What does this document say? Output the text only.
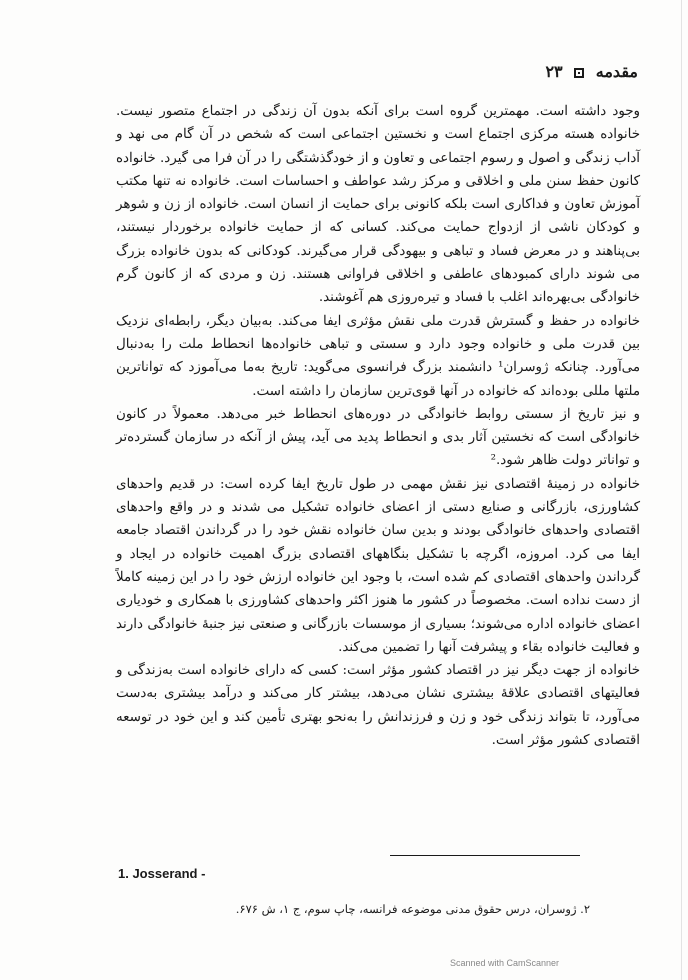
مقدمه  ۲۳

وجود داشته است. مهمترین گروه است برای آنکه بدون آن زندگی در اجتماع متصور نیست. خانواده هسته مرکزی اجتماع است و نخستین اجتماعی است که شخص در آن گام می نهد و آداب زندگی و اصول و رسوم اجتماعی و تعاون و از خودگذشتگی را در آن فرا می گیرد. خانواده کانون حفظ سنن ملی و اخلاقی و مرکز رشد عواطف و احساسات است. خانواده نه تنها مکتب آموزش تعاون و فداکاری است بلکه کانونی برای حمایت از انسان است. خانواده از زن و شوهر و کودکان ناشی از ازدواج حمایت می‌کند. کسانی که از حمایت خانواده برخوردار نیستند، بی‌پناهند و در معرض فساد و تباهی و بیهودگی قرار می‌گیرند. کودکانی که بدون خانواده بزرگ می شوند دارای کمبودهای عاطفی و اخلاقی فراوانی هستند. زن و مردی که از کانون گرم خانوادگی بی‌بهره‌اند اغلب با فساد و تیره‌روزی هم آغوشند.

خانواده در حفظ و گسترش قدرت ملی نقش مؤثری ایفا می‌کند. به‌بیان دیگر، رابطه‌ای نزدیک بین قدرت ملی و خانواده وجود دارد و سستی و تباهی خانواده‌ها انحطاط ملت را به‌دنبال می‌آورد. چنانکه ژوسران¹ دانشمند بزرگ فرانسوی می‌گوید: تاریخ به‌ما می‌آموزد که تواناترین ملتها مللی بوده‌اند که خانواده در آنها قوی‌ترین سازمان را داشته است.

و نیز تاریخ از سستی روابط خانوادگی در دوره‌های انحطاط خبر می‌دهد. معمولاً در کانون خانوادگی است که نخستین آثار بدی و انحطاط پدید می آید، پیش از آنکه در سازمان گسترده‌تر و تواناتر دولت ظاهر شود.²

خانواده در زمینهٔ اقتصادی نیز نقش مهمی در طول تاریخ ایفا کرده است: در قدیم واحدهای کشاورزی، بازرگانی و صنایع دستی از اعضای خانواده تشکیل می شدند و در واقع واحدهای اقتصادی واحدهای خانوادگی بودند و بدین سان خانواده نقش خود را در گرداندن اقتصاد جامعه ایفا می کرد. امروزه، اگرچه با تشکیل بنگاههای اقتصادی بزرگ اهمیت خانواده در ایجاد و گرداندن واحدهای اقتصادی کم شده است، با وجود این خانواده ارزش خود را در این زمینه کاملاً از دست نداده است. مخصوصاً در کشور ما هنوز اکثر واحدهای کشاورزی با همکاری و خودیاری اعضای خانواده اداره می‌شوند؛ بسیاری از موسسات بازرگانی و صنعتی نیز جنبهٔ خانوادگی دارند و فعالیت خانواده بقاء و پیشرفت آنها را تضمین می‌کند.

خانواده از جهت دیگر نیز در اقتصاد کشور مؤثر است: کسی که دارای خانواده است به‌زندگی و فعالیتهای اقتصادی علاقهٔ بیشتری نشان می‌دهد، بیشتر کار می‌کند و درآمد بیشتری به‌دست می‌آورد، تا بتواند زندگی خود و زن و فرزندانش را به‌نحو بهتری تأمین کند و این خود در توسعه اقتصادی کشور مؤثر است.

1. Josserand -
۲. ژوسران، درس حقوق مدنی موضوعه فرانسه، چاپ سوم، ج ۱، ش ۶۷۶.
Scanned with CamScanner
